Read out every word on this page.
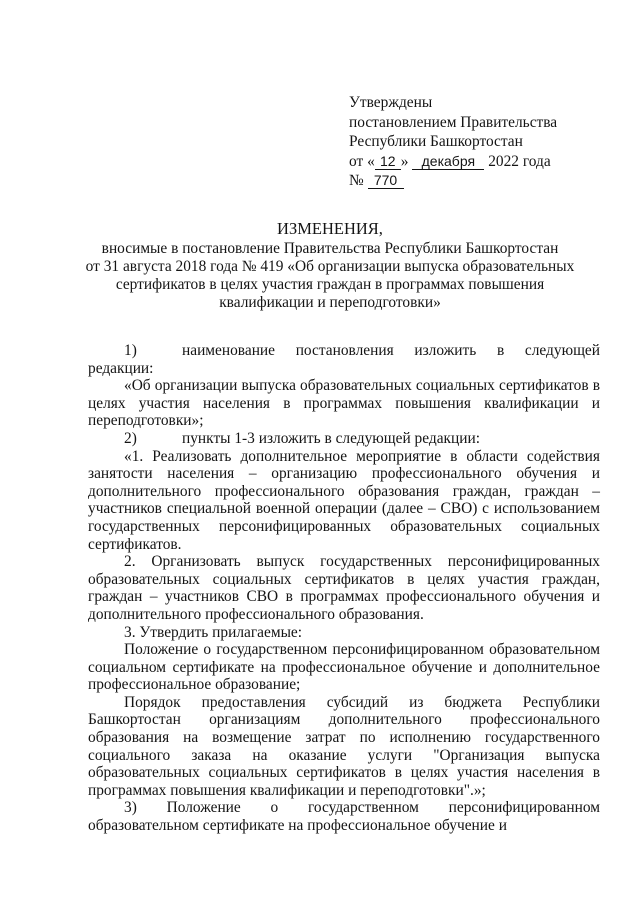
Утверждены
постановлением Правительства
Республики Башкортостан
от « 12 » декабря 2022 года
№ 770
ИЗМЕНЕНИЯ,
вносимые в постановление Правительства Республики Башкортостан
от 31 августа 2018 года № 419 «Об организации выпуска образовательных
сертификатов в целях участия граждан в программах повышения
квалификации и переподготовки»

1)	наименование постановления изложить в следующей редакции:

«Об организации выпуска образовательных социальных сертификатов в целях участия населения в программах повышения квалификации и переподготовки»;

2)	пункты 1-3 изложить в следующей редакции:

«1. Реализовать дополнительное мероприятие в области содействия занятости населения – организацию профессионального обучения и дополнительного профессионального образования граждан, граждан – участников специальной военной операции (далее – СВО) с использованием государственных персонифицированных образовательных социальных сертификатов.

2. Организовать выпуск государственных персонифицированных образовательных социальных сертификатов в целях участия граждан, граждан – участников СВО в программах профессионального обучения и дополнительного профессионального образования.

3. Утвердить прилагаемые:

Положение о государственном персонифицированном образовательном социальном сертификате на профессиональное обучение и дополнительное профессиональное образование;

Порядок предоставления субсидий из бюджета Республики Башкортостан организациям дополнительного профессионального образования на возмещение затрат по исполнению государственного социального заказа на оказание услуги "Организация выпуска образовательных социальных сертификатов в целях участия населения в программах повышения квалификации и переподготовки".»;

3) Положение о государственном персонифицированном образовательном сертификате на профессиональное обучение и
